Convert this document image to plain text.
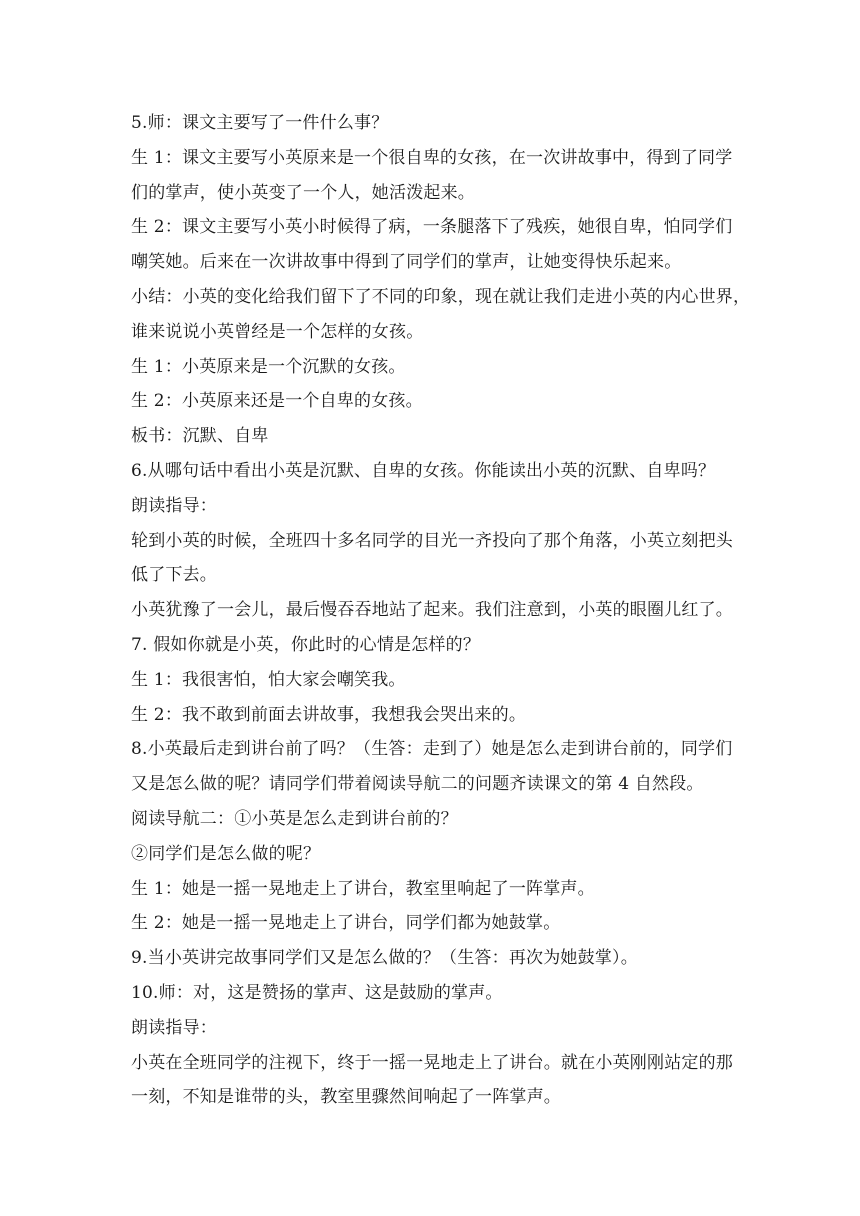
5.师：课文主要写了一件什么事？
生 1：课文主要写小英原来是一个很自卑的女孩，在一次讲故事中，得到了同学
们的掌声，使小英变了一个人，她活泼起来。
生 2：课文主要写小英小时候得了病，一条腿落下了残疾，她很自卑，怕同学们
嘲笑她。后来在一次讲故事中得到了同学们的掌声，让她变得快乐起来。
小结：小英的变化给我们留下了不同的印象，现在就让我们走进小英的内心世界，
谁来说说小英曾经是一个怎样的女孩。
生 1：小英原来是一个沉默的女孩。
生 2：小英原来还是一个自卑的女孩。
板书：沉默、自卑
6.从哪句话中看出小英是沉默、自卑的女孩。你能读出小英的沉默、自卑吗？
朗读指导：
轮到小英的时候，全班四十多名同学的目光一齐投向了那个角落，小英立刻把头
低了下去。
小英犹豫了一会儿，最后慢吞吞地站了起来。我们注意到，小英的眼圈儿红了。
7. 假如你就是小英，你此时的心情是怎样的？
生 1：我很害怕，怕大家会嘲笑我。
生 2：我不敢到前面去讲故事，我想我会哭出来的。
8.小英最后走到讲台前了吗？（生答：走到了）她是怎么走到讲台前的，同学们
又是怎么做的呢？请同学们带着阅读导航二的问题齐读课文的第 4 自然段。
阅读导航二：①小英是怎么走到讲台前的？
②同学们是怎么做的呢？
生 1：她是一摇一晃地走上了讲台，教室里响起了一阵掌声。
生 2：她是一摇一晃地走上了讲台，同学们都为她鼓掌。
9.当小英讲完故事同学们又是怎么做的？（生答：再次为她鼓掌）。
10.师：对，这是赞扬的掌声、这是鼓励的掌声。
朗读指导：
小英在全班同学的注视下，终于一摇一晃地走上了讲台。就在小英刚刚站定的那
一刻，不知是谁带的头，教室里骤然间响起了一阵掌声。
